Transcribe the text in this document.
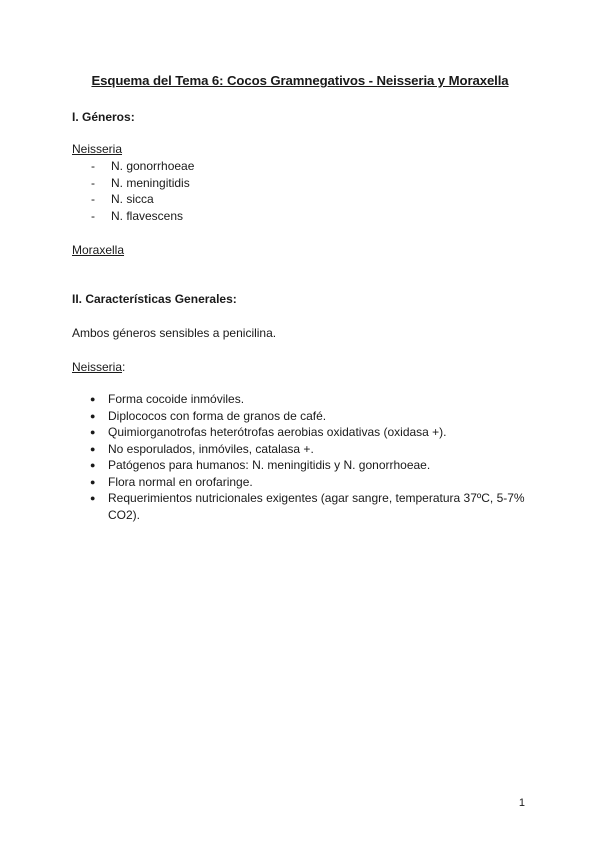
Esquema del Tema 6: Cocos Gramnegativos - Neisseria y Moraxella
I. Géneros:
Neisseria
- N. gonorrhoeae
- N. meningitidis
- N. sicca
- N. flavescens
Moraxella
II. Características Generales:
Ambos géneros sensibles a penicilina.
Neisseria:
● Forma cocoide inmóviles.
● Diplococos con forma de granos de café.
● Quimiorganotrofas heterótrofas aerobias oxidativas (oxidasa +).
● No esporulados, inmóviles, catalasa +.
● Patógenos para humanos: N. meningitidis y N. gonorrhoeae.
● Flora normal en orofaringe.
● Requerimientos nutricionales exigentes (agar sangre, temperatura 37ºC, 5-7% CO2).
1
